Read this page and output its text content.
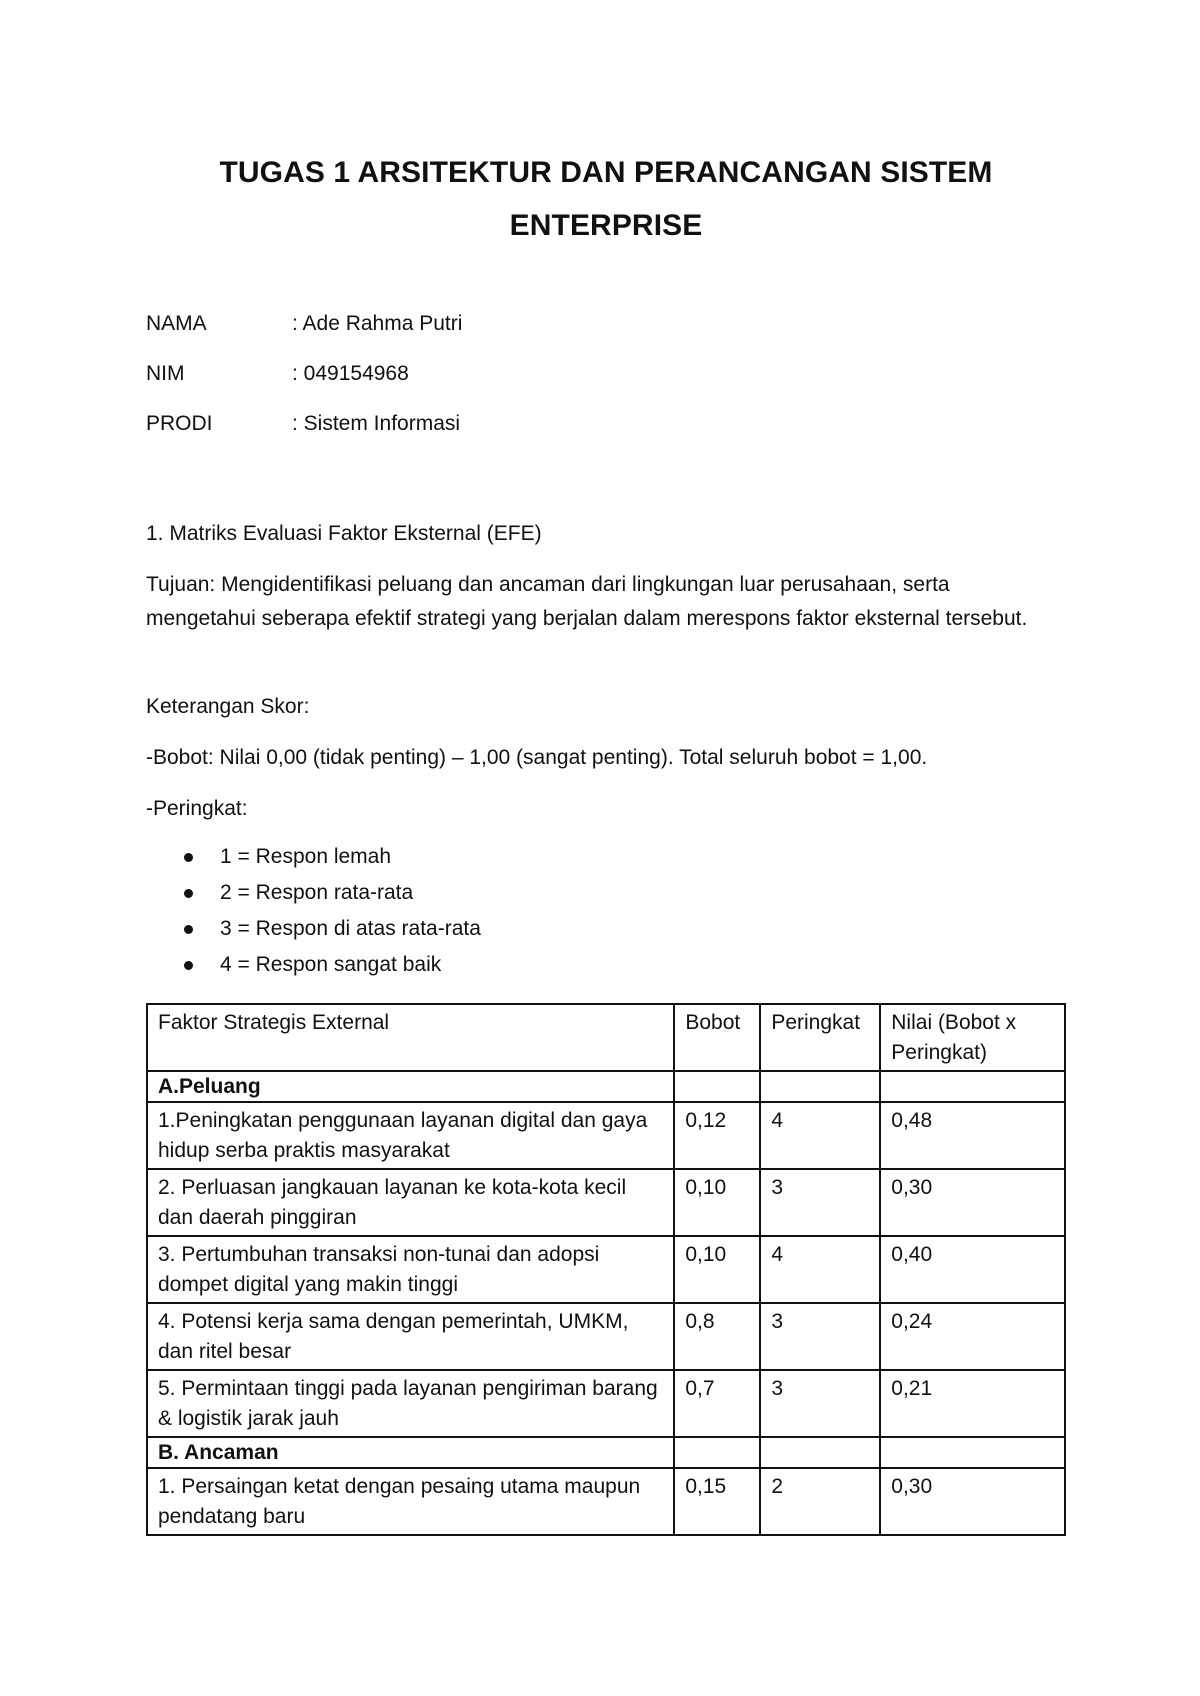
TUGAS 1 ARSITEKTUR DAN PERANCANGAN SISTEM ENTERPRISE
NAMA	: Ade Rahma Putri
NIM	: 049154968
PRODI	: Sistem Informasi
1. Matriks Evaluasi Faktor Eksternal (EFE)
Tujuan: Mengidentifikasi peluang dan ancaman dari lingkungan luar perusahaan, serta mengetahui seberapa efektif strategi yang berjalan dalam merespons faktor eksternal tersebut.
Keterangan Skor:
-Bobot: Nilai 0,00 (tidak penting) – 1,00 (sangat penting). Total seluruh bobot = 1,00.
-Peringkat:
1 = Respon lemah
2 = Respon rata-rata
3 = Respon di atas rata-rata
4 = Respon sangat baik
Faktor Strategis External	Bobot	Peringkat	Nilai (Bobot x Peringkat)
A.Peluang			
1.Peningkatan penggunaan layanan digital dan gaya hidup serba praktis masyarakat	0,12	4	0,48
2. Perluasan jangkauan layanan ke kota-kota kecil dan daerah pinggiran	0,10	3	0,30
3. Pertumbuhan transaksi non-tunai dan adopsi dompet digital yang makin tinggi	0,10	4	0,40
4. Potensi kerja sama dengan pemerintah, UMKM, dan ritel besar	0,8	3	0,24
5. Permintaan tinggi pada layanan pengiriman barang & logistik jarak jauh	0,7	3	0,21
B. Ancaman			
1. Persaingan ketat dengan pesaing utama maupun pendatang baru	0,15	2	0,30
